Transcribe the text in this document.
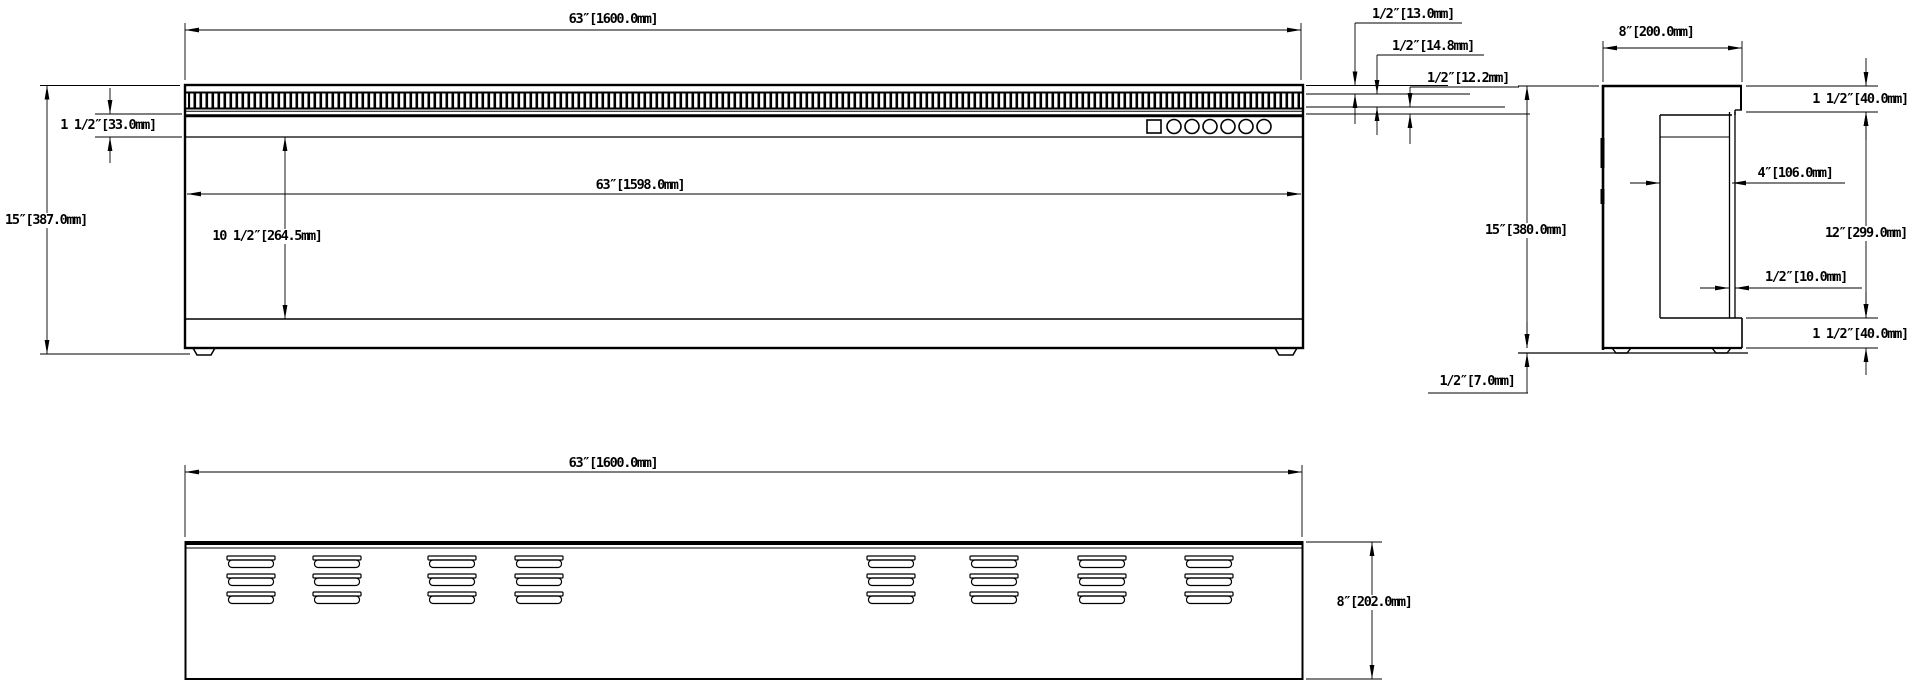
63″[1600.0mm]
63″[1598.0mm]
15″[387.0mm]
1 1/2″[33.0mm]
10 1/2″[264.5mm]
1/2″[13.0mm]
1/2″[14.8mm]
1/2″[12.2mm]
8″[200.0mm]
1 1/2″[40.0mm]
4″[106.0mm]
12″[299.0mm]
1/2″[10.0mm]
15″[380.0mm]
1 1/2″[40.0mm]
1/2″[7.0mm]
63″[1600.0mm]
8″[202.0mm]
